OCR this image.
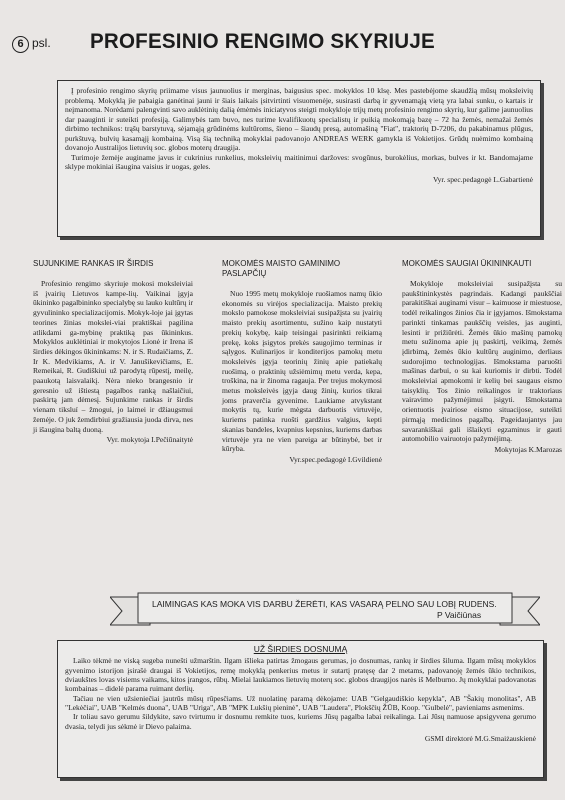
6 psl. PROFESINIO RENGIMO SKYRIUJE

Į profesinio rengimo skyrių priimame visus jaunuolius ir merginas, baigusius spec. mokyklos 10 klsę. Mes pastebėjome skaudžią mūsų moksleivių problemą. Mokyklą jie pabaigia ganėtinai jauni ir šiais laikais įsitvirtinti visuomenėje, susirasti darbą ir gyvenamąją vietą yra labai sunku, o kartais ir neįmanoma. Norėdami palengvinti savo auklėtinių dalią ėmėmės iniciatyvos steigti mokykloje trijų metų profesinio rengimo skyrių, kur galime jaunuolius dar paauginti ir suteikti profesiją. Galimybės tam buvo, nes turime kvalifikuotų specialistų ir puikią mokomąją bazę – 72 ha žemės, nemažai žemės dirbimo technikos: trąšų barstytuvą, sėjamąją grūdinėms kultūroms, šieno – šiaudų presą, automašiną "Fiat", traktorių D-7206, du pakabinamus plūgus, purkštuvą, bulvių kasamąjį kombainą. Visą šią techniką mokyklai padovanojo ANDREAS WERK gamykla iš Vokietijos. Grūdų nuėmimo kombainą dovanojo Australijos lietuvių soc. globos moterų draugija.

Turimoje žemėje auginame javus ir cukrinius runkelius, moksleivių maitinimui daržoves: svogūnus, burokėlius, morkas, bulves ir kt. Bandomajame sklype mokiniai išaugina vaisius ir uogas, geles.

Vyr. spec.pedagogė L.Gabartienė

SUJUNKIME RANKAS IR ŠIRDIS

Profesinio rengimo skyriuje mokosi moksleiviai iš įvairių Lietuvos kampe-lių. Vaikinai įgyja ūkininko pagalbininko specialybę su lauko kultūrų ir gyvulininko specializacijomis. Mokyk-loje jai įgytas teorines žinias mokslei-viai praktiškai pagilina atlikdami ga-mybinę praktiką pas ūkininkus. Mokyklos auklėtiniai ir mokytojos Lionė ir Irena iš širdies dėkingos ūkininkams: N. ir S. Rudaičiams, Z. Ir K. Medvikiams, A. ir V. Janušikevičiams, E. Remeikai, R. Gudiškiui už parodytą rūpestį, meilę, paaukotą laisvalaikį. Nėra nieko brangesnio ir geresnio už ištiestą pagalbos ranką našlaičiui, paskirtą jam dėmesį. Sujunkime rankas ir širdis vienam tiksluí – žmogui, jo laimei ir džiaugsmui žemėje. O juk žemdirbiui gražiausia juoda dirva, nes ji išaugina baltą duoną.

Vyr. mokytoja I.Pečiūnaitytė

MOKOMĖS MAISTO GAMINIMO PASLAPČIŲ

Nuo 1995 metų mokykloje ruošiamos namų ūkio ekonomės su virėjos specializacija. Maisto prekių mokslo pamokose moksleiviai susipažįsta su įvairių maisto prekių asortimentu, sužino kaip nustatyti prekių kokybę, kaip teisingai pasirinkti reikiamą prekę, koks įsigytos prekės saugojimo terminas ir sąlygos. Kulinarijos ir konditerijos pamokų metu moksleivės įgyja teorinių žinių apie patiekalų ruošimą, o praktinių užsiėmimų metu verda, kepa, troškina, na ir žinoma ragauja. Per trejus mokymosi metus moksleivės įgyja daug žinių, kurios tikrai joms praverčia gyvenime. Laukiame atvykstant mokytis tų, kurie mėgsta darbuotis virtuvėje, kuriems patinka ruošti gardžius valgius, kepti skanias bandeles, kvapnius kepsnius, kuriems darbas virtuvėje yra ne vien pareiga ar būtinybė, bet ir kūryba.

Vyr.spec.pedagogė I.Gvildienė

MOKOMĖS SAUGIAI ŪKININKAUTI

Mokykloje moksleiviai susipažįsta su paukštininkystės pagrindais. Kadangi paukščiai parakitiškai auginami visur – kaimuose ir miestuose, todėl reikalingos žinios čia ir įgyjamos. Išmokstama parinkti tinkamas paukščių veisles, jas auginti, lesinti ir prižiūrėti. Žemės ūkio mašinų pamokų metu sužinoma apie jų paskirtį, veikimą, žemės įdirbimą, žemės ūkio kultūrų auginimo, derliaus sudorojimo technologijas. Išmokstama paruošti mašinas darbui, o su kai kuriomis ir dirbti. Todėl moksleiviai apmokomi ir kelių bei saugaus eismo taisyklių. Tos žinio reikalingos ir traktoriaus vairavimo pažymėjimui įsigyti. Išmokstama orientuotis įvairiose eismo situacijose, suteikti pirmąją medicinos pagalbą. Pageidaujantys jau savarankiškai gali išlaikyti egzaminus ir gauti automobilio vairuotojo pažymėjimą.

Mokytojas K.Marozas

LAIMINGAS KAS MOKA VIS DARBU ŽERĖTI, KAS VASARĄ PELNO SAU LOBĮ RUDENS.
P Vaičiūnas
UŽ ŠIRDIES DOSNUMĄ

Laiko tėkmė ne viską sugeba nunešti užmarštin. Ilgam išlieka patirtas žmogaus gerumas, jo dosnumas, rankų ir širdies šiluma. Ilgam mūsų mokyklos gyvenimo istorijon įsirašė draugai iš Vokietijos, remę mokyklą penkerius metus ir sutartį pratęsę dar 2 metams, padovanoję žemės ūkio technikos, dviaukštes lovas visiems vaikams, kitos įrangos, rūbų. Mielai laukiamos lietuvių moterų soc. globos draugijos narės iš Melburno. Jų mokyklai padovanotas kombainas – didelė parama ruimant derlių.

Tačiau ne vien užsieniečiai jautrūs mūsų rūpesčiams. Už nuolatinę paramą dėkojame: UAB "Gelgaudiškio kepykla", AB "Šakių monolitas", AB "Lekėčiai", UAB "Kelmės duona", UAB "Uriga", AB "MPK Lukšių pieninė", UAB "Laudera", Plokščių ŽŪB, Koop. "Gulbelė", pavieniams asmenims.

Ir toliau savo gerumu šildykite, savo tvirtumu ir dosnumu remkite tuos, kuriems Jūsų pagalba labai reikalinga. Lai Jūsų namuose apsigyvena gerumo dvasia, telydi jus sėkmė ir Dievo palaima.

GSMI direktorė M.G.Smaiżauskienė
